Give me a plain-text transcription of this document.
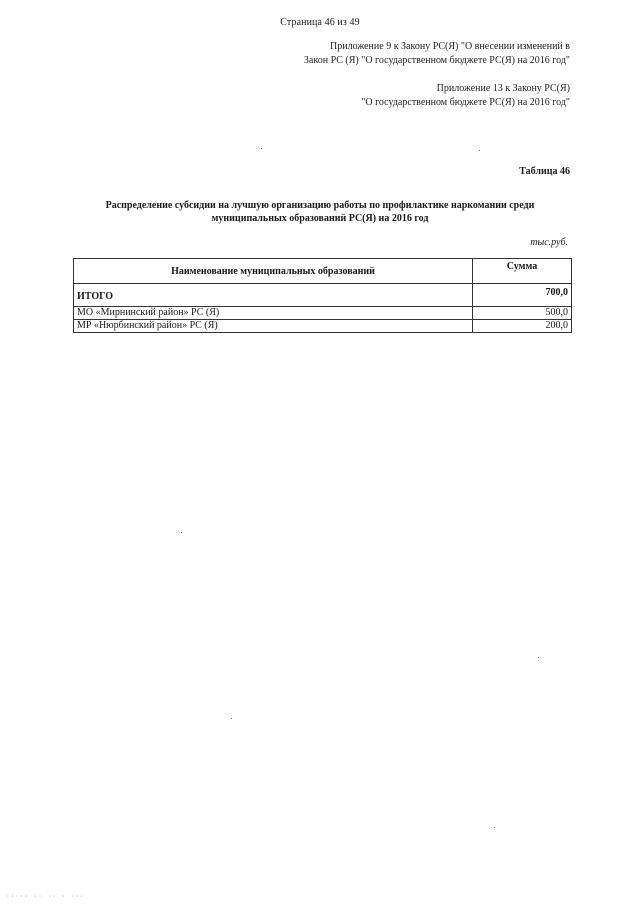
Страница 46 из 49
Приложение 9 к Закону РС(Я) "О внесении изменений в
Закон РС (Я) "О государственном бюджете РС(Я) на 2016 год"
Приложение 13 к Закону РС(Я)
"О государственном бюджете РС(Я) на 2016 год"
Таблица 46
Распределение субсидии на лучшую организацию работы по профилактике наркомании среди
муниципальных образований РС(Я) на 2016 год
тыс.руб.
Наименование муниципальных образований	Сумма
ИТОГО	700,0
МО «Мирнинский район» РС (Я)	500,0
МР «Нюрбинский район» РС (Я)	200,0
····· ·· ·· · ···
